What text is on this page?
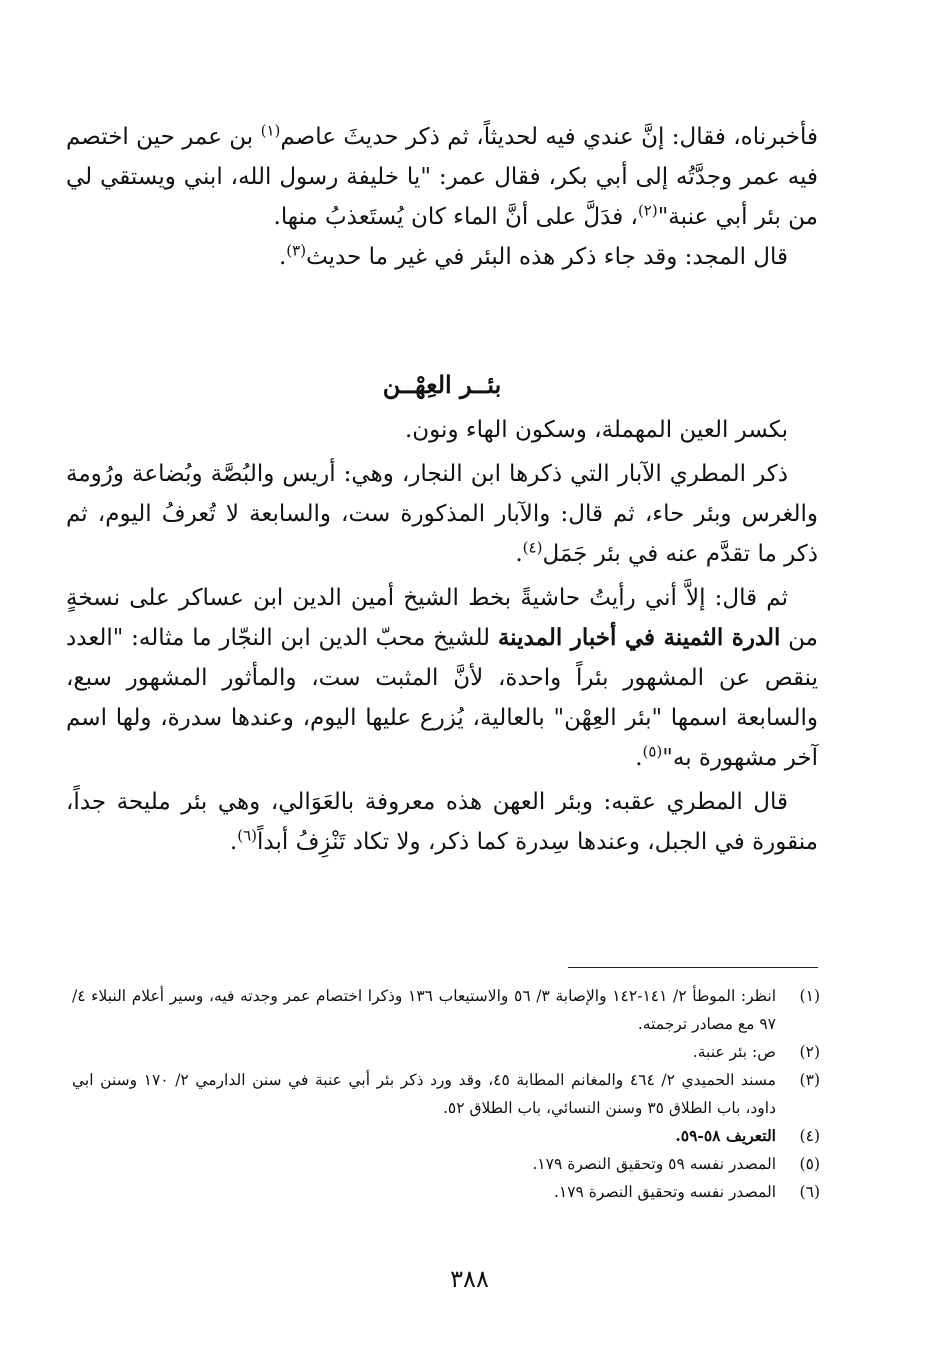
فأخبرناه، فقال: إنَّ عندي فيه لحديثاً، ثم ذكر حديثَ عاصم$^{(١)}$ بن عمر حين اختصم فيه عمر وجدَّتُه إلى أبي بكر، فقال عمر: "يا خليفة رسول الله، ابني ويستقي لي من بئر أبي عنبة"$^{(٢)}$، فدَلَّ على أنَّ الماء كان يُستَعذبُ منها.

قال المجد: وقد جاء ذكر هذه البئر في غير ما حديث$^{(٣)}$.

بئــر العِهْــن

بكسر العين المهملة، وسكون الهاء ونون.

ذكر المطري الآبار التي ذكرها ابن النجار، وهي: أريس والبُصَّة وبُضاعة ورُومة والغرس وبئر حاء، ثم قال: والآبار المذكورة ست، والسابعة لا تُعرفُ اليوم، ثم ذكر ما تقدَّم عنه في بئر جَمَل$^{(٤)}$.

ثم قال: إلاَّ أني رأيتُ حاشيةً بخط الشيخ أمين الدين ابن عساكر على نسخةٍ من الدرة الثمينة في أخبار المدينة للشيخ محبّ الدين ابن النجّار ما مثاله: "العدد ينقص عن المشهور بئراً واحدة، لأنَّ المثبت ست، والمأثور المشهور سبع، والسابعة اسمها "بئر العِهْن" بالعالية، يُزرع عليها اليوم، وعندها سدرة، ولها اسم آخر مشهورة به"$^{(٥)}$.

قال المطري عقبه: وبئر العهن هذه معروفة بالعَوَالي، وهي بئر مليحة جداً، منقورة في الجبل، وعندها سِدرة كما ذكر، ولا تكاد تَنْزِفُ أبداً$^{(٦)}$.

(١)
انظر: الموطأ ٢/ ١٤١-١٤٢ والإصابة ٣/ ٥٦ والاستيعاب ١٣٦ وذكرا اختصام عمر وجدته فيه، وسير أعلام النبلاء ٤/ ٩٧ مع مصادر ترجمته.
(٢)
ص: بئر عنبة.
(٣)
مسند الحميدي ٢/ ٤٦٤ والمغانم المطابة ٤٥، وقد ورد ذكر بئر أبي عنبة في سنن الدارمي ٢/ ١٧٠ وسنن ابي داود، باب الطلاق ٣٥ وسنن النسائي، باب الطلاق ٥٢.
(٤)
التعريف ٥٨-٥٩.
(٥)
المصدر نفسه ٥٩ وتحقيق النصرة ١٧٩.
(٦)
المصدر نفسه وتحقيق النصرة ١٧٩.
٣٨٨
